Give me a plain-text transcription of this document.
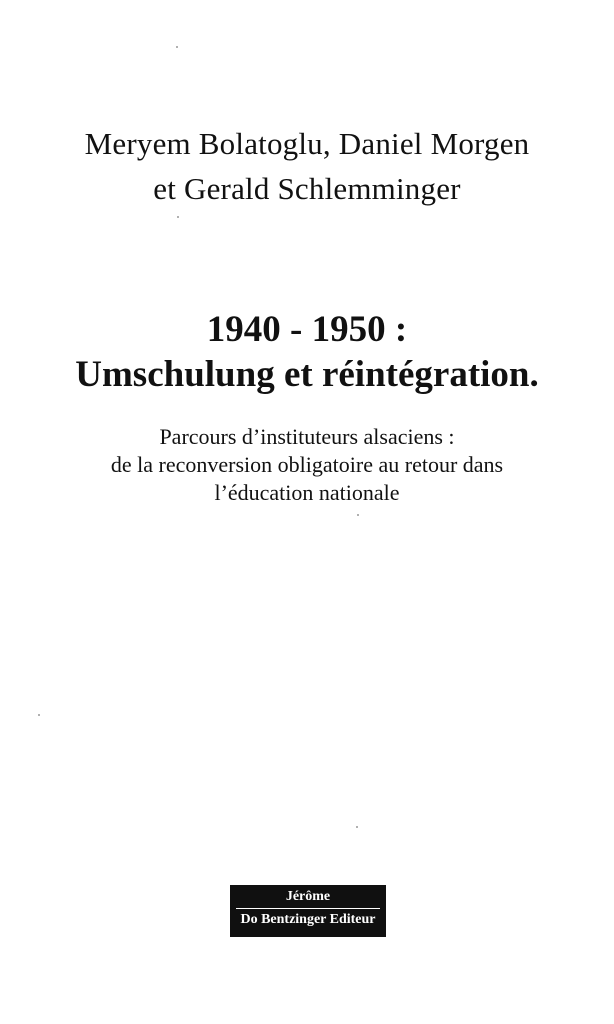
Meryem Bolatoglu, Daniel Morgen
et Gerald Schlemminger
1940 - 1950 :
Umschulung et réintégration.
Parcours d’instituteurs alsaciens :
de la reconversion obligatoire au retour dans
l’éducation nationale
Jérôme
Do Bentzinger Editeur
